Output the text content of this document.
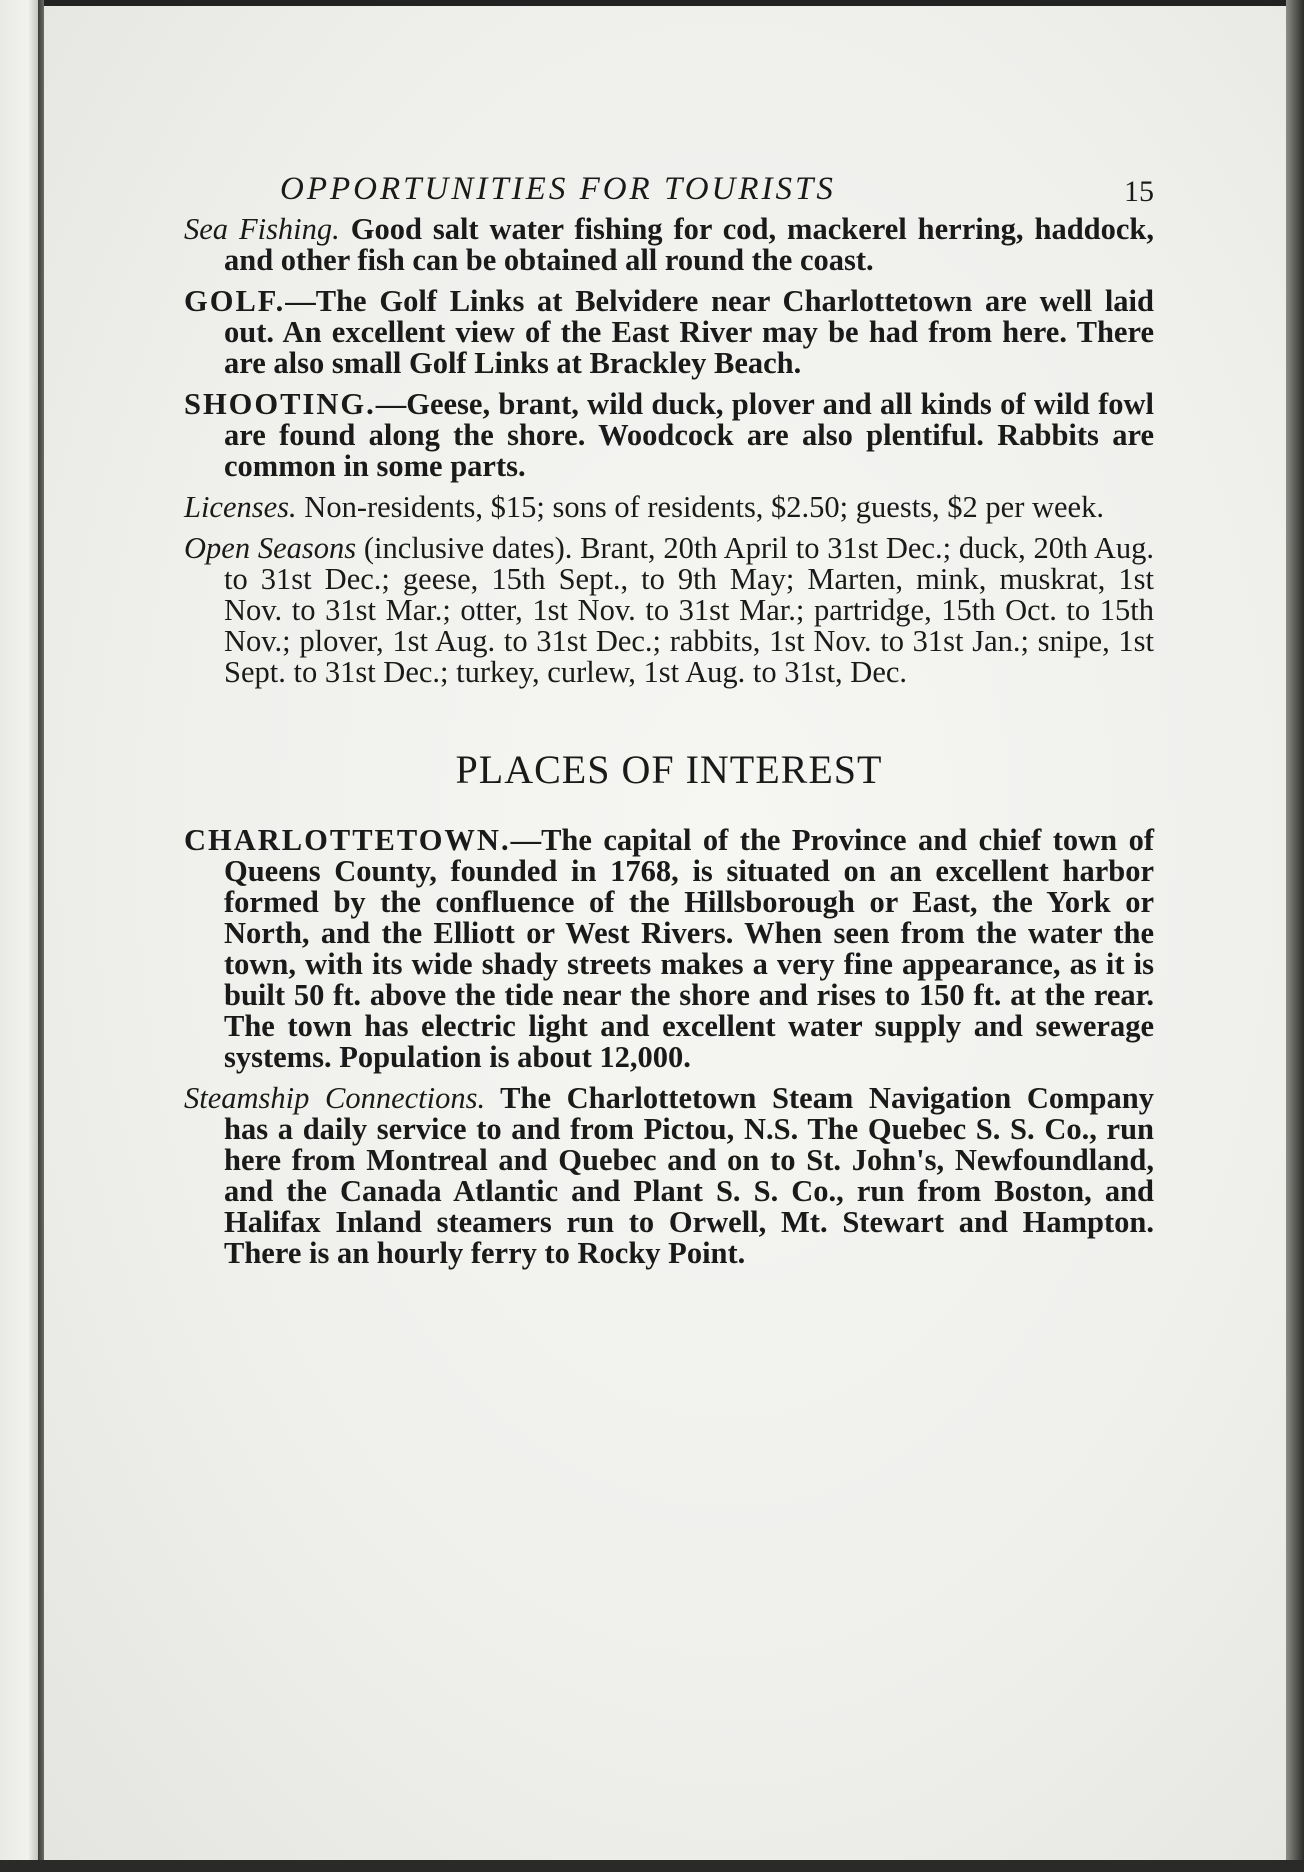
OPPORTUNITIES FOR TOURISTS	15

Sea Fishing. Good salt water fishing for cod, mackerel herring, haddock, and other fish can be obtained all round the coast.

GOLF.—The Golf Links at Belvidere near Charlottetown are well laid out. An excellent view of the East River may be had from here. There are also small Golf Links at Brackley Beach.

SHOOTING.—Geese, brant, wild duck, plover and all kinds of wild fowl are found along the shore. Woodcock are also plentiful. Rabbits are common in some parts.

Licenses. Non-residents, $15; sons of residents, $2.50; guests, $2 per week.

Open Seasons (inclusive dates). Brant, 20th April to 31st Dec.; duck, 20th Aug. to 31st Dec.; geese, 15th Sept., to 9th May; Marten, mink, muskrat, 1st Nov. to 31st Mar.; otter, 1st Nov. to 31st Mar.; partridge, 15th Oct. to 15th Nov.; plover, 1st Aug. to 31st Dec.; rabbits, 1st Nov. to 31st Jan.; snipe, 1st Sept. to 31st Dec.; turkey, curlew, 1st Aug. to 31st, Dec.

PLACES OF INTEREST

CHARLOTTETOWN.—The capital of the Province and chief town of Queens County, founded in 1768, is situated on an excellent harbor formed by the confluence of the Hillsborough or East, the York or North, and the Elliott or West Rivers. When seen from the water the town, with its wide shady streets makes a very fine appearance, as it is built 50 ft. above the tide near the shore and rises to 150 ft. at the rear. The town has electric light and excellent water supply and sewerage systems. Population is about 12,000.

Steamship Connections. The Charlottetown Steam Navigation Company has a daily service to and from Pictou, N.S. The Quebec S. S. Co., run here from Montreal and Quebec and on to St. John's, Newfoundland, and the Canada Atlantic and Plant S. S. Co., run from Boston, and Halifax Inland steamers run to Orwell, Mt. Stewart and Hampton. There is an hourly ferry to Rocky Point.
